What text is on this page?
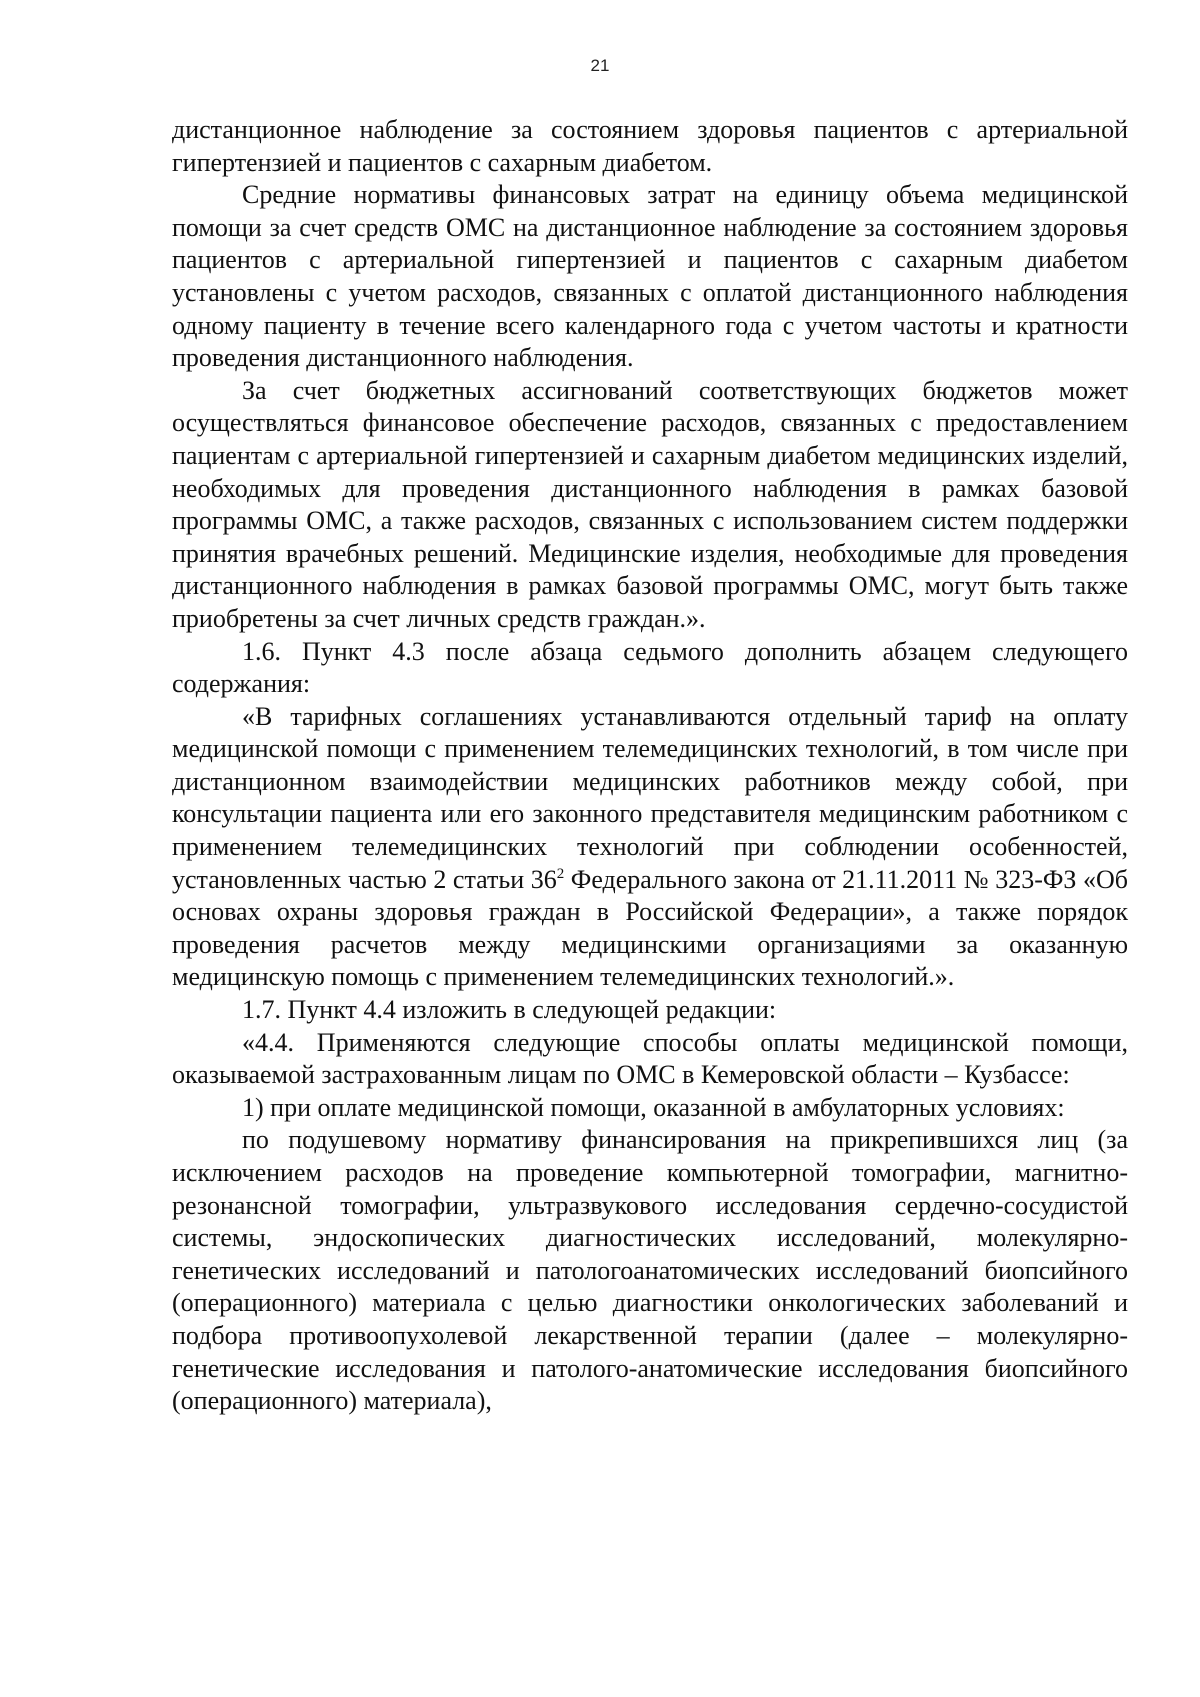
21

дистанционное наблюдение за состоянием здоровья пациентов с артериальной гипертензией и пациентов с сахарным диабетом.

Средние нормативы финансовых затрат на единицу объема медицинской помощи за счет средств ОМС на дистанционное наблюдение за состоянием здоровья пациентов с артериальной гипертензией и пациентов с сахарным диабетом установлены с учетом расходов, связанных с оплатой дистанционного наблюдения одному пациенту в течение всего календарного года с учетом частоты и кратности проведения дистанционного наблюдения.

За счет бюджетных ассигнований соответствующих бюджетов может осуществляться финансовое обеспечение расходов, связанных с предоставлением пациентам с артериальной гипертензией и сахарным диабетом медицинских изделий, необходимых для проведения дистанционного наблюдения в рамках базовой программы ОМС, а также расходов, связанных с использованием систем поддержки принятия врачебных решений. Медицинские изделия, необходимые для проведения дистанционного наблюдения в рамках базовой программы ОМС, могут быть также приобретены за счет личных средств граждан.».

1.6. Пункт 4.3 после абзаца седьмого дополнить абзацем следующего содержания:

«В тарифных соглашениях устанавливаются отдельный тариф на оплату медицинской помощи с применением телемедицинских технологий, в том числе при дистанционном взаимодействии медицинских работников между собой, при консультации пациента или его законного представителя медицинским работником с применением телемедицинских технологий при соблюдении особенностей, установленных частью 2 статьи $36^2$ Федерального закона от 21.11.2011 № 323-ФЗ «Об основах охраны здоровья граждан в Российской Федерации», а также порядок проведения расчетов между медицинскими организациями за оказанную медицинскую помощь с применением телемедицинских технологий.».

1.7. Пункт 4.4 изложить в следующей редакции:

«4.4. Применяются следующие способы оплаты медицинской помощи, оказываемой застрахованным лицам по ОМС в Кемеровской области – Кузбассе:

1) при оплате медицинской помощи, оказанной в амбулаторных условиях:

по подушевому нормативу финансирования на прикрепившихся лиц (за исключением расходов на проведение компьютерной томографии, магнитно-резонансной томографии, ультразвукового исследования сердечно-сосудистой системы, эндоскопических диагностических исследований, молекулярно-генетических исследований и патологоанатомических исследований биопсийного (операционного) материала с целью диагностики онкологических заболеваний и подбора противоопухолевой лекарственной терапии (далее – молекулярно-генетические исследования и патолого-анатомические исследования биопсийного (операционного) материала),
